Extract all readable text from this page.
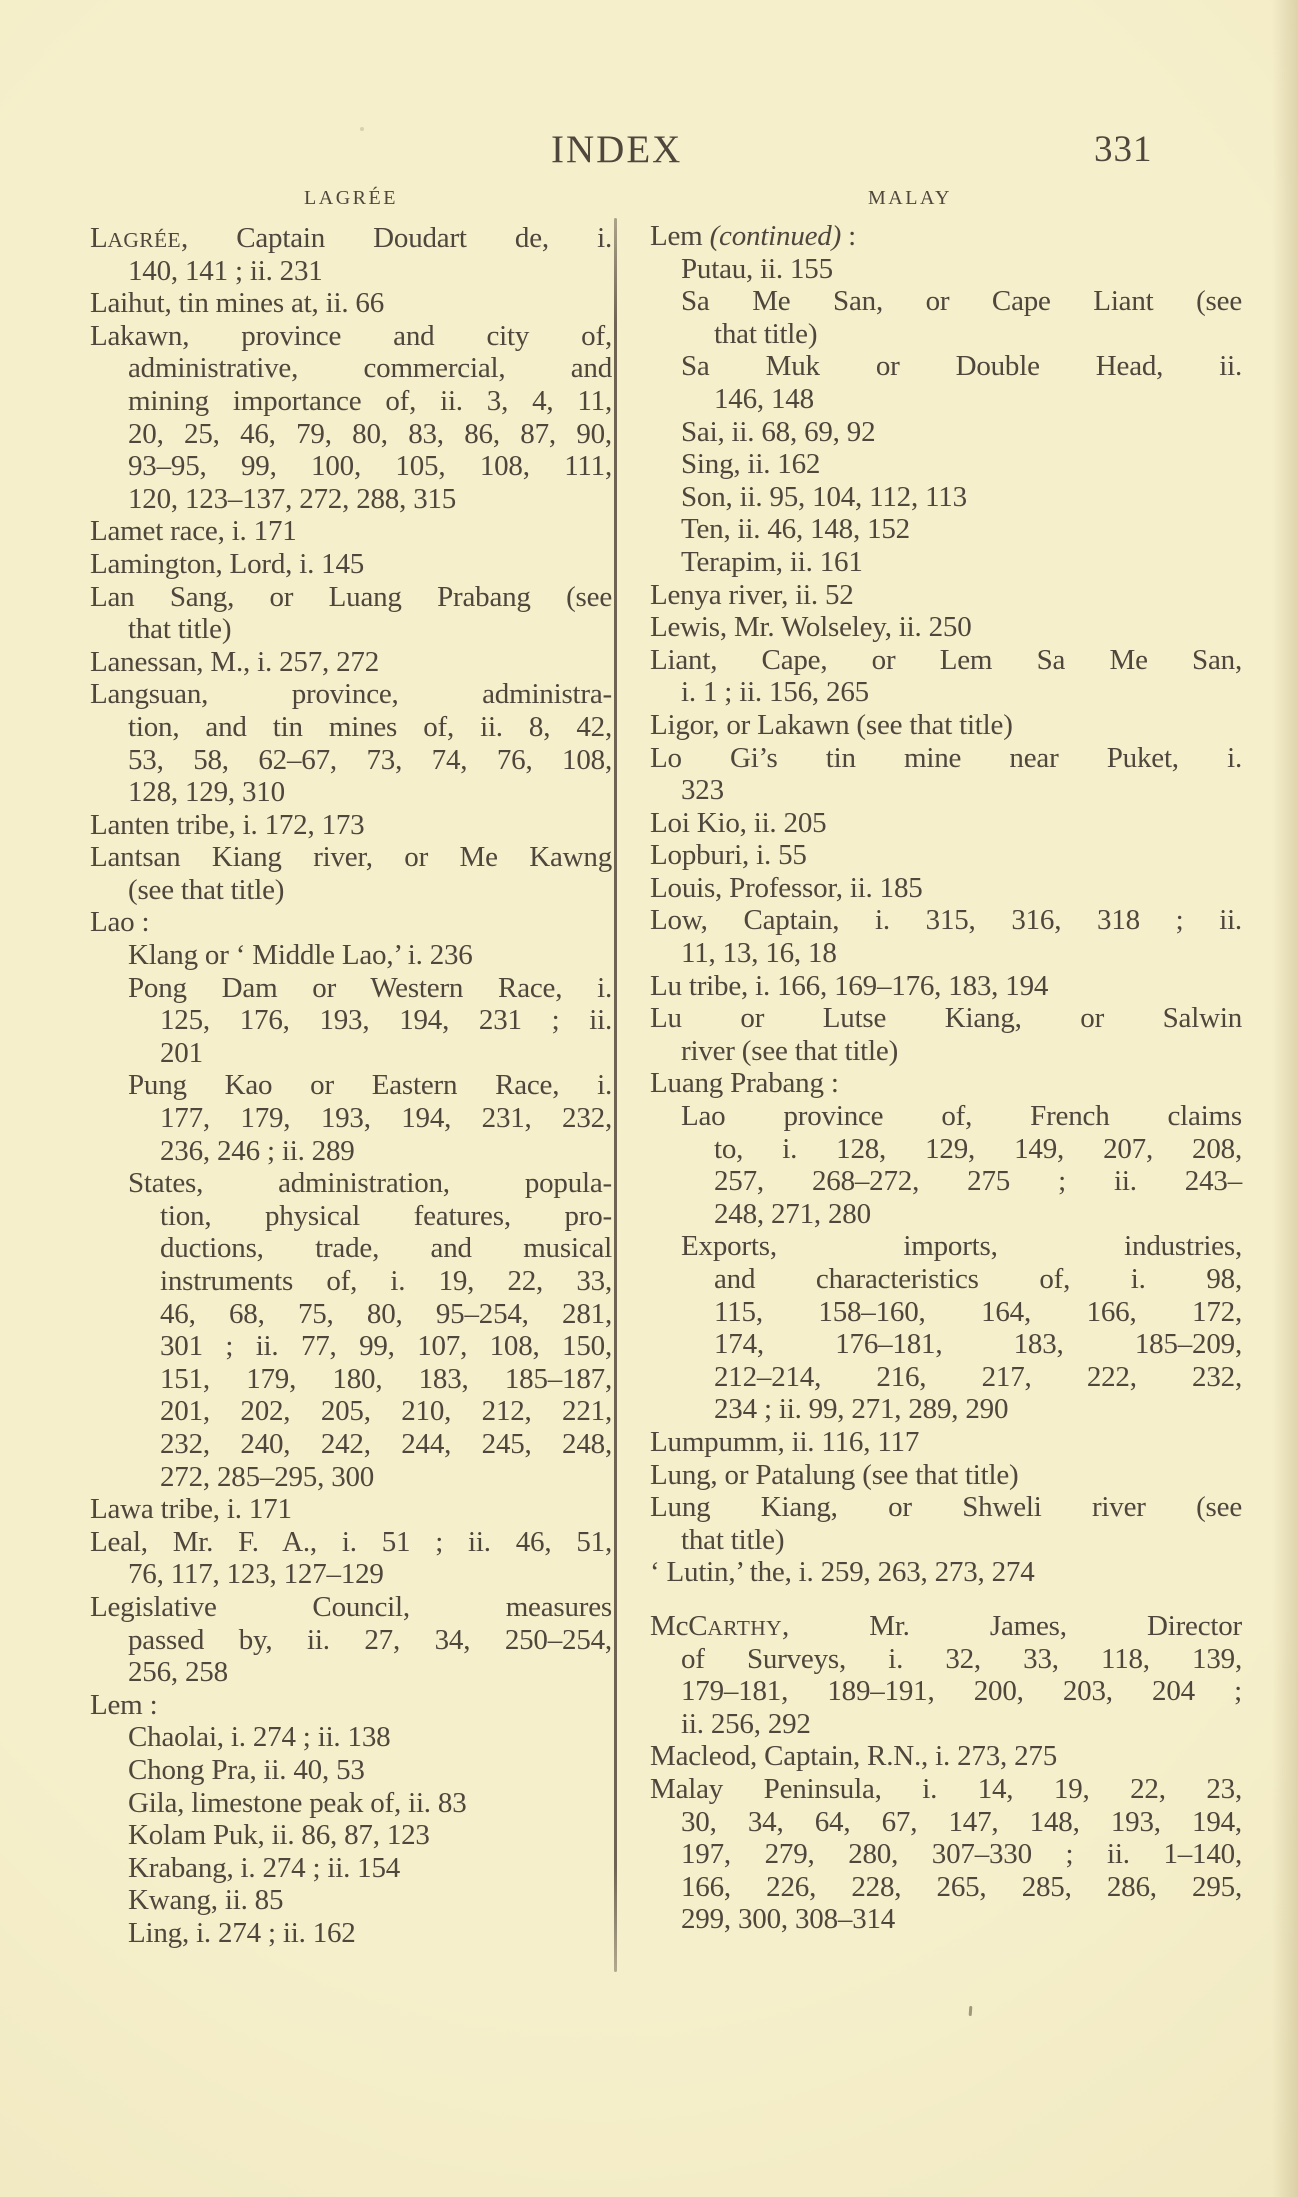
INDEX	331
LAGRÉE	MALAY
LAGRÉE, Captain Doudart de, i.
140, 141 ; ii. 231
Laihut, tin mines at, ii. 66
Lakawn, province and city of,
administrative, commercial, and
mining importance of, ii. 3, 4, 11,
20, 25, 46, 79, 80, 83, 86, 87, 90,
93–95, 99, 100, 105, 108, 111,
120, 123–137, 272, 288, 315
Lamet race, i. 171
Lamington, Lord, i. 145
Lan Sang, or Luang Prabang (see
that title)
Lanessan, M., i. 257, 272
Langsuan, province, administra-
tion, and tin mines of, ii. 8, 42,
53, 58, 62–67, 73, 74, 76, 108,
128, 129, 310
Lanten tribe, i. 172, 173
Lantsan Kiang river, or Me Kawng
(see that title)
Lao :
Klang or ‘ Middle Lao,’ i. 236
Pong Dam or Western Race, i.
125, 176, 193, 194, 231 ; ii.
201
Pung Kao or Eastern Race, i.
177, 179, 193, 194, 231, 232,
236, 246 ; ii. 289
States, administration, popula-
tion, physical features, pro-
ductions, trade, and musical
instruments of, i. 19, 22, 33,
46, 68, 75, 80, 95–254, 281,
301 ; ii. 77, 99, 107, 108, 150,
151, 179, 180, 183, 185–187,
201, 202, 205, 210, 212, 221,
232, 240, 242, 244, 245, 248,
272, 285–295, 300
Lawa tribe, i. 171
Leal, Mr. F. A., i. 51 ; ii. 46, 51,
76, 117, 123, 127–129
Legislative Council, measures
passed by, ii. 27, 34, 250–254,
256, 258
Lem :
Chaolai, i. 274 ; ii. 138
Chong Pra, ii. 40, 53
Gila, limestone peak of, ii. 83
Kolam Puk, ii. 86, 87, 123
Krabang, i. 274 ; ii. 154
Kwang, ii. 85
Ling, i. 274 ; ii. 162
Lem (continued) :
Putau, ii. 155
Sa Me San, or Cape Liant (see
that title)
Sa Muk or Double Head, ii.
146, 148
Sai, ii. 68, 69, 92
Sing, ii. 162
Son, ii. 95, 104, 112, 113
Ten, ii. 46, 148, 152
Terapim, ii. 161
Lenya river, ii. 52
Lewis, Mr. Wolseley, ii. 250
Liant, Cape, or Lem Sa Me San,
i. 1 ; ii. 156, 265
Ligor, or Lakawn (see that title)
Lo Gi’s tin mine near Puket, i.
323
Loi Kio, ii. 205
Lopburi, i. 55
Louis, Professor, ii. 185
Low, Captain, i. 315, 316, 318 ; ii.
11, 13, 16, 18
Lu tribe, i. 166, 169–176, 183, 194
Lu or Lutse Kiang, or Salwin
river (see that title)
Luang Prabang :
Lao province of, French claims
to, i. 128, 129, 149, 207, 208,
257, 268–272, 275 ; ii. 243–
248, 271, 280
Exports, imports, industries,
and characteristics of, i. 98,
115, 158–160, 164, 166, 172,
174, 176–181, 183, 185–209,
212–214, 216, 217, 222, 232,
234 ; ii. 99, 271, 289, 290
Lumpumm, ii. 116, 117
Lung, or Patalung (see that title)
Lung Kiang, or Shweli river (see
that title)
‘ Lutin,’ the, i. 259, 263, 273, 274
McCARTHY, Mr. James, Director
of Surveys, i. 32, 33, 118, 139,
179–181, 189–191, 200, 203, 204 ;
ii. 256, 292
Macleod, Captain, R.N., i. 273, 275
Malay Peninsula, i. 14, 19, 22, 23,
30, 34, 64, 67, 147, 148, 193, 194,
197, 279, 280, 307–330 ; ii. 1–140,
166, 226, 228, 265, 285, 286, 295,
299, 300, 308–314
